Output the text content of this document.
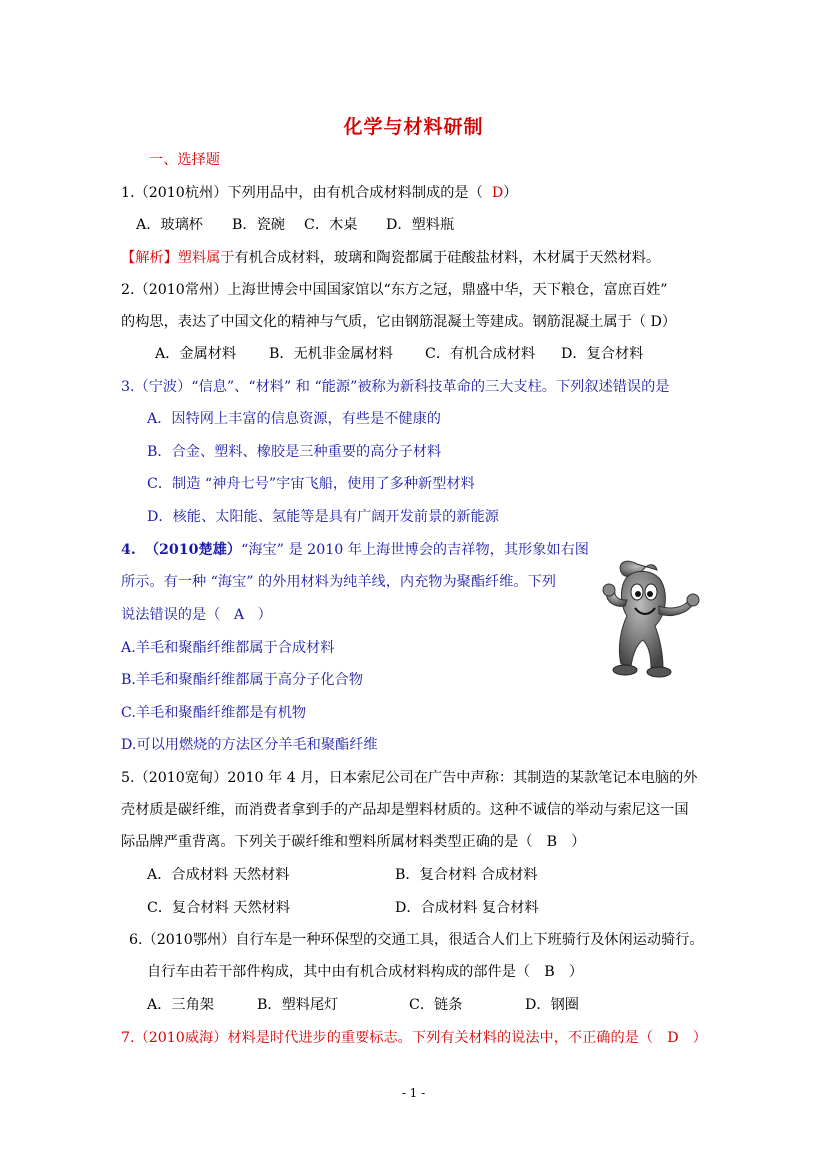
化学与材料研制
一、选择题
1.（2010杭州）下列用品中，由有机合成材料制成的是（ D）
A．玻璃杯 B．瓷碗 C．木桌 D．塑料瓶
【解析】塑料属于有机合成材料，玻璃和陶瓷都属于硅酸盐材料，木材属于天然材料。
2.（2010常州）上海世博会中国国家馆以“东方之冠，鼎盛中华，天下粮仓，富庶百姓”
的构思，表达了中国文化的精神与气质，它由钢筋混凝土等建成。钢筋混凝土属于（ D）
A．金属材料 B．无机非金属材料 C．有机合成材料 D．复合材料
3.（宁波）“信息”、“材料” 和 “能源”被称为新科技革命的三大支柱。下列叙述错误的是
A．因特网上丰富的信息资源，有些是不健康的
B．合金、塑料、橡胶是三种重要的高分子材料
C．制造 “神舟七号”宇宙飞船，使用了多种新型材料
D．核能、太阳能、氢能等是具有广阔开发前景的新能源
4. （2010楚雄）“海宝” 是 2010 年上海世博会的吉祥物，其形象如右图
所示。有一种 “海宝” 的外用材料为纯羊线，内充物为聚酯纤维。下列
说法错误的是（ A ）
A.羊毛和聚酯纤维都属于合成材料
B.羊毛和聚酯纤维都属于高分子化合物
C.羊毛和聚酯纤维都是有机物
D.可以用燃烧的方法区分羊毛和聚酯纤维
5.（2010宽甸）2010 年 4 月，日本索尼公司在广告中声称：其制造的某款笔记本电脑的外
壳材质是碳纤维，而消费者拿到手的产品却是塑料材质的。这种不诚信的举动与索尼这一国
际品牌严重背离。下列关于碳纤维和塑料所属材料类型正确的是（　B　）
A．合成材料 天然材料	B．复合材料 合成材料
C．复合材料 天然材料	D．合成材料 复合材料
6.（2010鄂州）自行车是一种环保型的交通工具，很适合人们上下班骑行及休闲运动骑行。
自行车由若干部件构成，其中由有机合成材料构成的部件是（　B　）
A．三角架	B．塑料尾灯	C．链条	D．钢圈
7.（2010威海）材料是时代进步的重要标志。下列有关材料的说法中，不正确的是（　D　）
- 1 -
